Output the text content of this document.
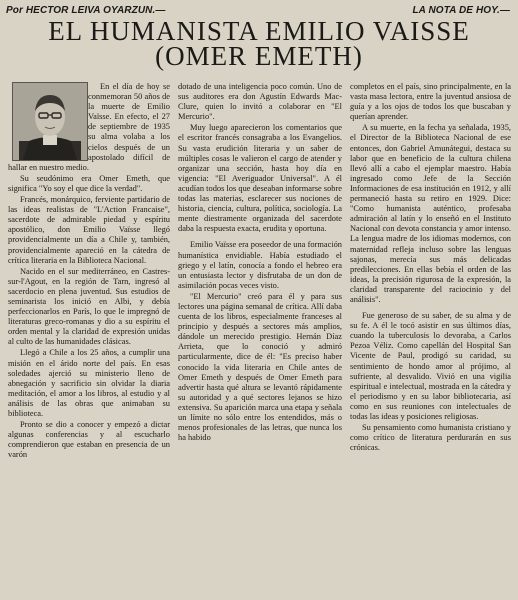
Por HECTOR LEIVA OYARZUN.—	LA NOTA DE HOY.—
EL HUMANISTA EMILIO VAISSE
(OMER EMETH)

En el día de hoy se conmemoran 50 años de la muerte de Emilio Vaïsse. En efecto, el 27 de septiembre de 1935 su alma volaba a los cielos después de un apostolado difícil de hallar en nuestro medio.

Su seudónimo era Omer Emeth, que significa "Yo soy el que dice la verdad".

Francés, monárquico, ferviente partidario de las ideas realistas de "L'Action Francaise", sacerdote de admirable piedad y espíritu apostólico, don Emilio Vaïsse llegó providencialmente un día a Chile y, también, providencialmente apareció en la cátedra de crítica literaria en la Biblioteca Nacional.

Nacido en el sur mediterráneo, en Castres-sur-l'Agout, en la región de Tarn, ingresó al sacerdocio en plena juventud. Sus estudios de seminarista los inició en Albi, y debía perfeccionarlos en París, lo que le impregnó de literaturas greco-romanas y dio a su espíritu el orden mental y la claridad de expresión unidas al culto de las humanidades clásicas.

Llegó a Chile a los 25 años, a cumplir una misión en el árido norte del país. En esas soledades ajerció su ministerio lleno de abnegación y sacrificio sin olvidar la diaria meditación, el amor a los libros, al estudio y al análisis de las obras que animaban su biblioteca.

Pronto se dio a conocer y empezó a dictar algunas conferencias y al escucharlo comprendieron que estaban en presencia de un varón

dotado de una inteligencia poco común. Uno de sus auditores era don Agustín Edwards Mac-Clure, quien lo invitó a colaborar en "El Mercurio".

Muy luego aparecieron los comentarios que el escritor francés consagraba a los Evangelios. Su vasta erudición literaria y un saber de múltiples cosas le valieron el cargo de atender y organizar una sección, hasta hoy día en vigencia: "El Averiguador Universal". A él acudían todos los que deseaban informarse sobre todas las materias, esclarecer sus nociones de historia, ciencia, cultura, política, sociología. La mente diestramente organizada del sacerdote daba la respuesta exacta, erudita y oportuna.

Emilio Vaïsse era poseedor de una formación humanística envidiable. Había estudiado el griego y el latín, conocía a fondo el hebreo era un entusiasta lector y disfrutaba de un don de asimilación pocas veces visto.

"El Mercurio" creó para él y para sus lectores una página semanal de crítica. Allí daba cuenta de los libros, especialmente franceses al principio y después a sectores más amplios, dándole un merecido prestigio. Hernán Díaz Arrieta, que lo conoció y admiró particularmente, dice de él: "Es preciso haber conocido la vida literaria en Chile antes de Omer Emeth y después de Omer Emeth para advertir hasta qué altura se levantó rápidamente su autoridad y a qué sectores lejanos se hizo extensiva. Su aparición marca una etapa y señala un límite no sólo entre los entendidos, más o menos profesionales de las letras, que nunca los ha habido

completos en el país, sino principalmente, en la vasta masa lectora, entre la juventud ansiosa de guía y a los ojos de todos los que buscaban y querían aprender.

A su muerte, en la fecha ya señalada, 1935, el Director de la Biblioteca Nacional de ese entonces, don Gabriel Amunátegui, destaca su labor que en beneficio de la cultura chilena llevó allí a cabo el ejemplar maestro. Había ingresado como Jefe de la Sección Informaciones de esa institución en 1912, y allí permaneció hasta su retiro en 1929. Dice: "Como humanista auténtico, profesaba admiración al latín y lo enseñó en el Instituto Nacional con devota constancia y amor intenso. La lengua madre de los idiomas modernos, con maternidad refleja incluso sobre las lenguas sajonas, merecía sus más delicadas predilecciones. En ellas bebía el orden de las ideas, la precisión rigurosa de la expresión, la claridad transparente del raciocinio y del análisis".

Fue generoso de su saber, de su alma y de su fe. A él le tocó asistir en sus últimos días, cuando la tuberculosis lo devoraba, a Carlos Pezoa Véliz. Como capellán del Hospital San Vicente de Paul, prodigó su caridad, su sentimiento de hondo amor al prójimo, al sufriente, al desvalido. Vivió en una vigilia espiritual e intelectual, mostrada en la cátedra y el periodismo y en su labor bibliotecaria, así como en sus reuniones con intelectuales de todas las ideas y posiciones religiosas.

Su pensamiento como humanista cristiano y como crítico de literatura perdurarán en sus crónicas.
